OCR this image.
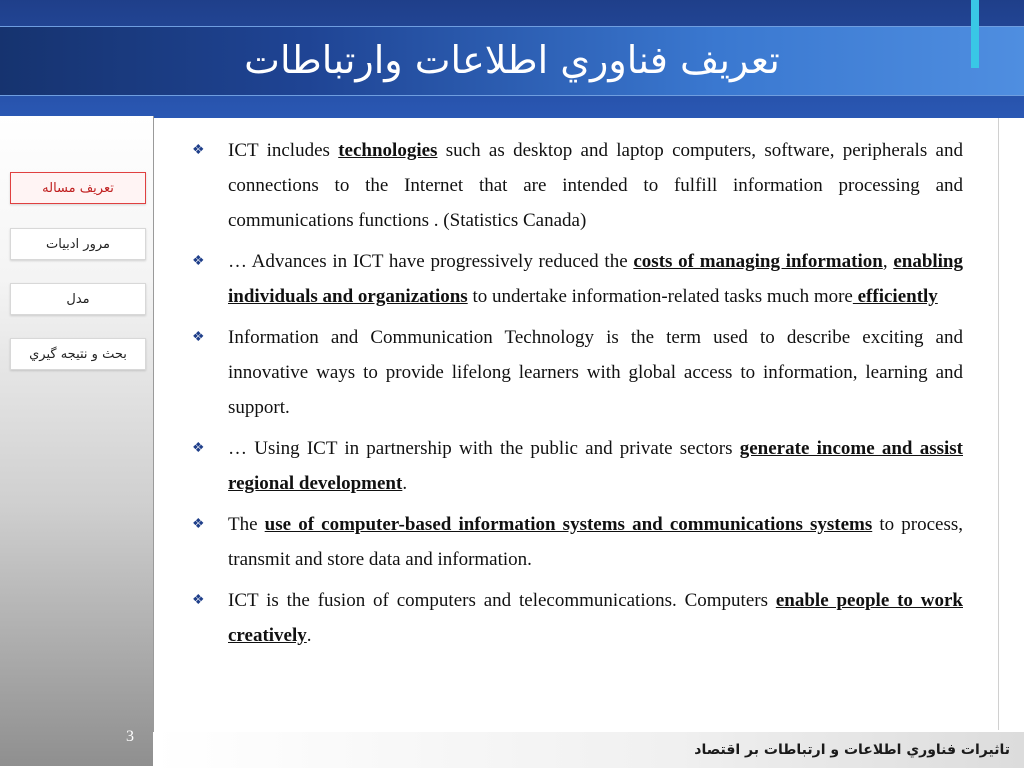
تعريف فناوري اطلاعات وارتباطات
تعريف مساله
مرور ادبيات
مدل
بحث و نتيجه گيري
3
❖ ICT includes technologies such as desktop and laptop computers, software, peripherals and connections to the Internet that are intended to fulfill information processing and communications functions . (Statistics Canada)
❖ … Advances in ICT have progressively reduced the costs of managing information, enabling individuals and organizations to undertake information-related tasks much more efficiently
❖ Information and Communication Technology is the term used to describe exciting and innovative ways to provide lifelong learners with global access to information, learning and support.
❖ … Using ICT in partnership with the public and private sectors generate income and assist regional development.
❖ The use of computer-based information systems and communications systems to process, transmit and store data and information.
❖ ICT is the fusion of computers and telecommunications. Computers enable people to work creatively.
تاثيرات فناوري اطلاعات و ارتباطات بر اقتصاد
